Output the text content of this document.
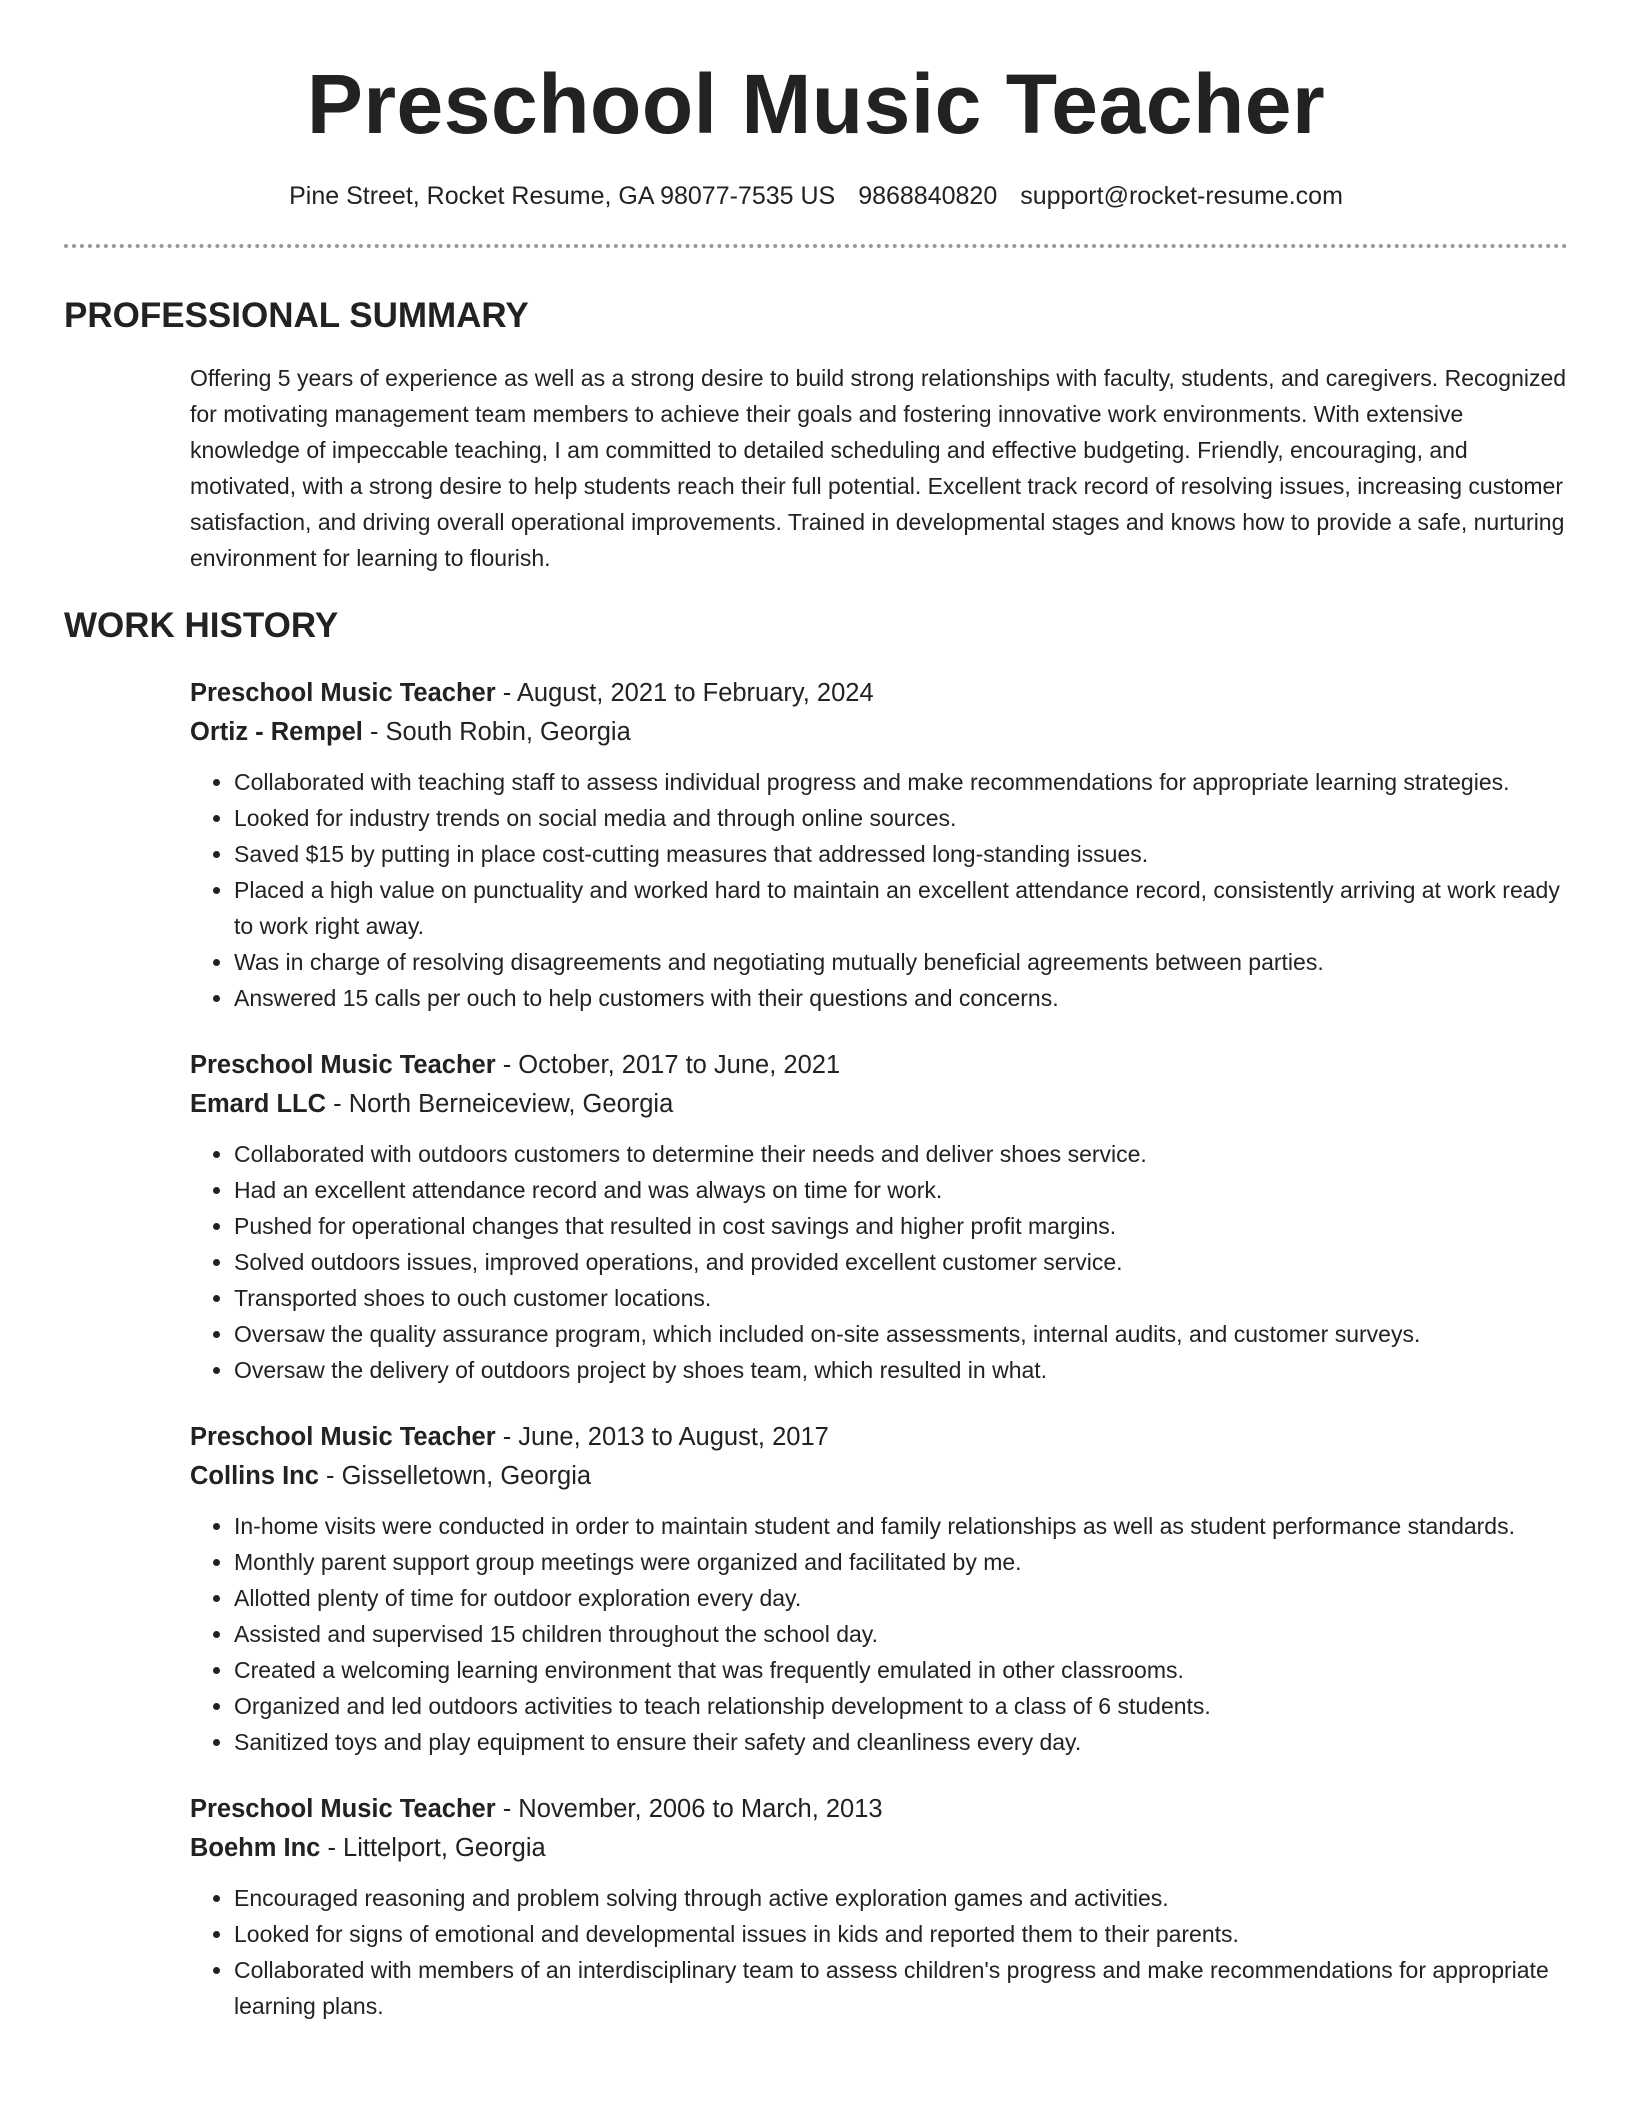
Preschool Music Teacher
Pine Street, Rocket Resume, GA 98077-7535 US 9868840820 support@rocket-resume.com
PROFESSIONAL SUMMARY

Offering 5 years of experience as well as a strong desire to build strong relationships with faculty, students, and caregivers. Recognized for motivating management team members to achieve their goals and fostering innovative work environments. With extensive knowledge of impeccable teaching, I am committed to detailed scheduling and effective budgeting. Friendly, encouraging, and motivated, with a strong desire to help students reach their full potential. Excellent track record of resolving issues, increasing customer satisfaction, and driving overall operational improvements. Trained in developmental stages and knows how to provide a safe, nurturing environment for learning to flourish.

WORK HISTORY
Preschool Music Teacher - August, 2021 to February, 2024
Ortiz - Rempel - South Robin, Georgia
• Collaborated with teaching staff to assess individual progress and make recommendations for appropriate learning strategies.
• Looked for industry trends on social media and through online sources.
• Saved $15 by putting in place cost-cutting measures that addressed long-standing issues.
• Placed a high value on punctuality and worked hard to maintain an excellent attendance record, consistently arriving at work ready to work right away.
• Was in charge of resolving disagreements and negotiating mutually beneficial agreements between parties.
• Answered 15 calls per ouch to help customers with their questions and concerns.
Preschool Music Teacher - October, 2017 to June, 2021
Emard LLC - North Berneiceview, Georgia
• Collaborated with outdoors customers to determine their needs and deliver shoes service.
• Had an excellent attendance record and was always on time for work.
• Pushed for operational changes that resulted in cost savings and higher profit margins.
• Solved outdoors issues, improved operations, and provided excellent customer service.
• Transported shoes to ouch customer locations.
• Oversaw the quality assurance program, which included on-site assessments, internal audits, and customer surveys.
• Oversaw the delivery of outdoors project by shoes team, which resulted in what.
Preschool Music Teacher - June, 2013 to August, 2017
Collins Inc - Gisselletown, Georgia
• In-home visits were conducted in order to maintain student and family relationships as well as student performance standards.
• Monthly parent support group meetings were organized and facilitated by me.
• Allotted plenty of time for outdoor exploration every day.
• Assisted and supervised 15 children throughout the school day.
• Created a welcoming learning environment that was frequently emulated in other classrooms.
• Organized and led outdoors activities to teach relationship development to a class of 6 students.
• Sanitized toys and play equipment to ensure their safety and cleanliness every day.
Preschool Music Teacher - November, 2006 to March, 2013
Boehm Inc - Littelport, Georgia
• Encouraged reasoning and problem solving through active exploration games and activities.
• Looked for signs of emotional and developmental issues in kids and reported them to their parents.
• Collaborated with members of an interdisciplinary team to assess children's progress and make recommendations for appropriate learning plans.
